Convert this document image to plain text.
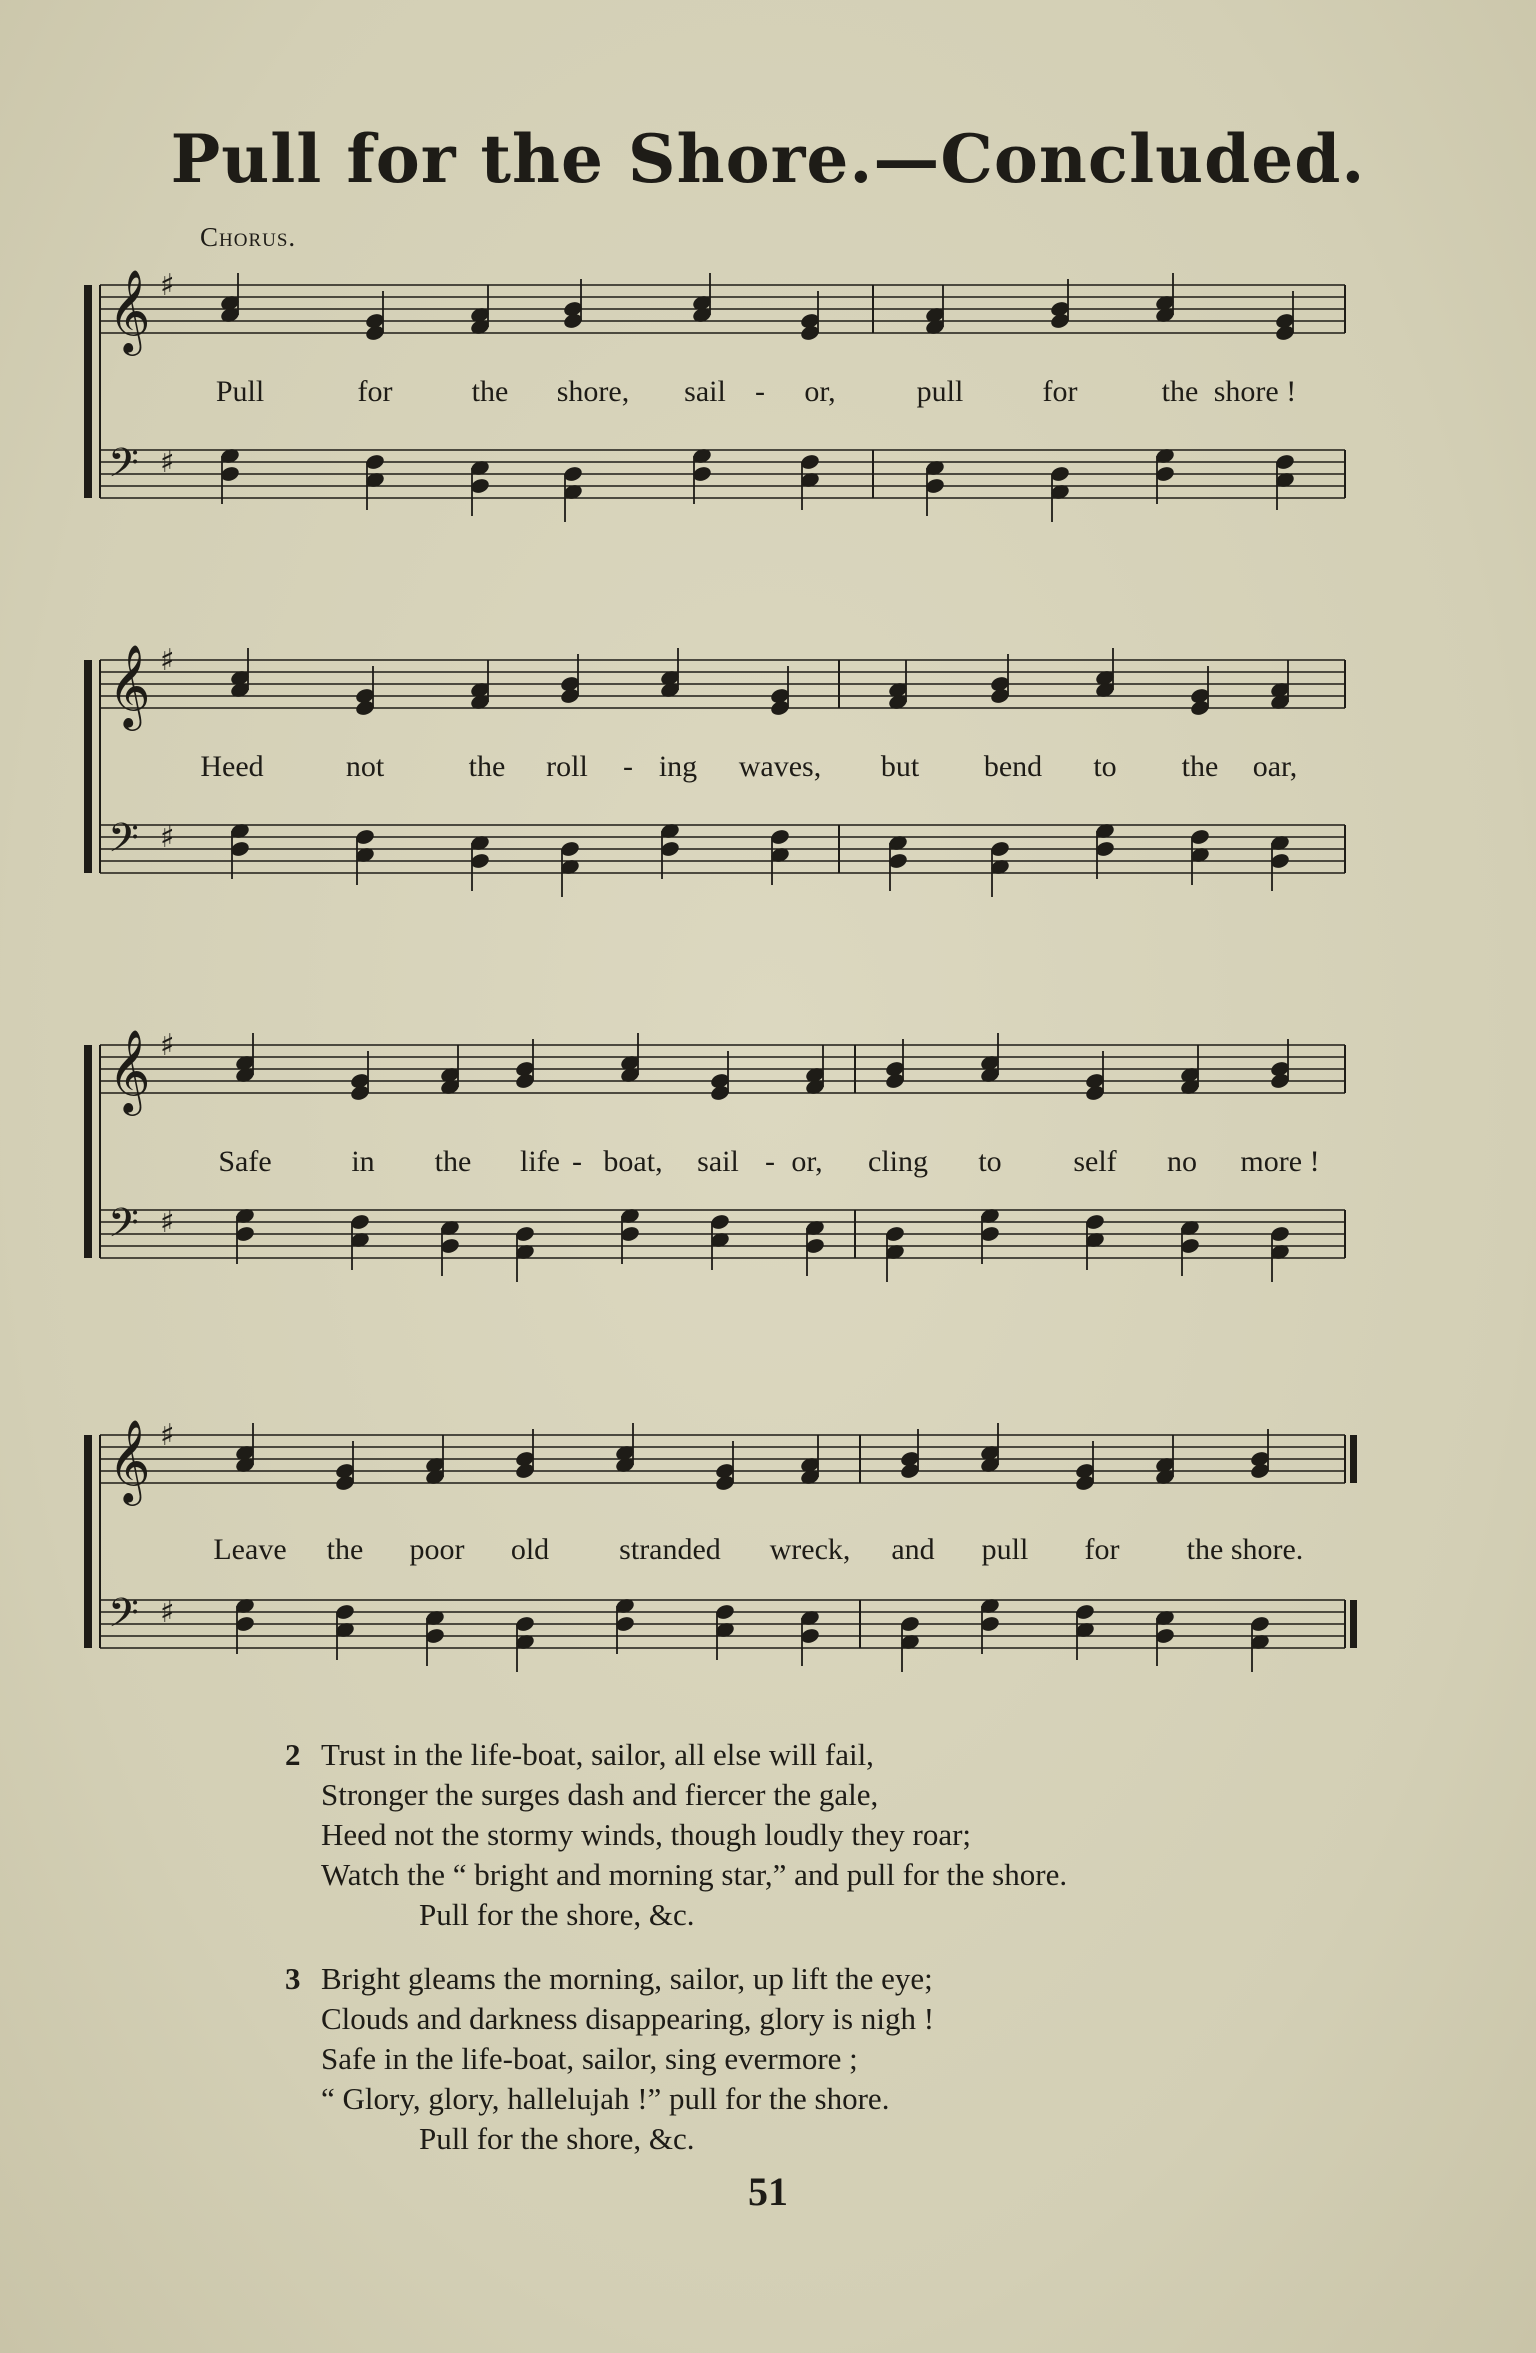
Pull for the Shore.—Concluded.
Chorus.
𝄞 ♯
𝄢 ♯
Pull	for	the shore, sail - or,	pull	for	the shore !
𝄞 ♯
𝄢 ♯
Heed	not	the roll - ing waves, but bend to the oar,
𝄞 ♯
𝄢 ♯
Safe	in the life - boat, sail - or, cling to self no more !
𝄞 ♯
𝄢 ♯
Leave the poor old stranded wreck, and pull for the shore.
2 Trust in the life-boat, sailor, all else will fail,
Stronger the surges dash and fiercer the gale,
Heed not the stormy winds, though loudly they roar;
Watch the “ bright and morning star,” and pull for the shore.
Pull for the shore, &c.
3 Bright gleams the morning, sailor, up lift the eye;
Clouds and darkness disappearing, glory is nigh !
Safe in the life-boat, sailor, sing evermore ;
“ Glory, glory, hallelujah !” pull for the shore.
Pull for the shore, &c.
51
